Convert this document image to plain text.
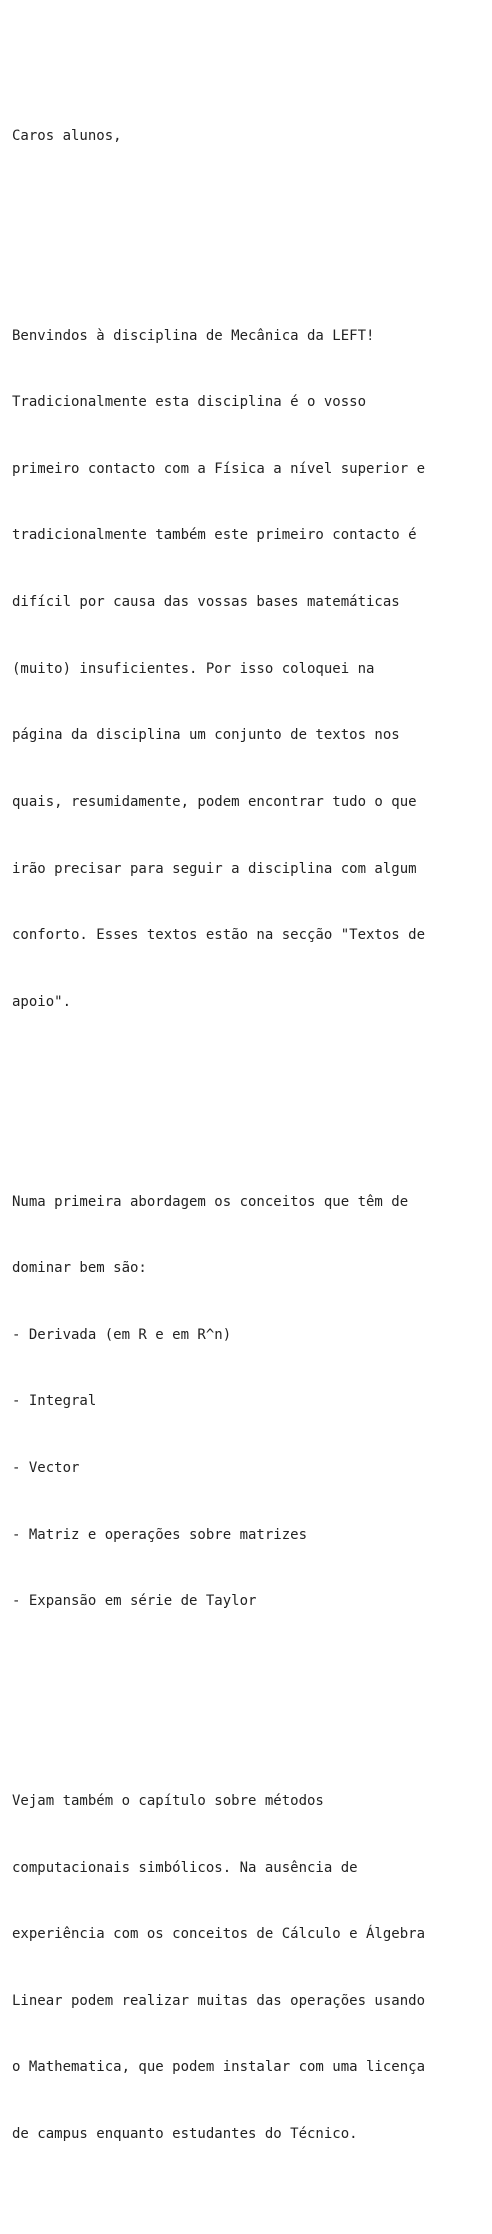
Caros alunos,

Benvindos à disciplina de Mecânica da LEFT!

Tradicionalmente esta disciplina é o vosso

primeiro contacto com a Física a nível superior e

tradicionalmente também este primeiro contacto é

difícil por causa das vossas bases matemáticas

(muito) insuficientes. Por isso coloquei na

página da disciplina um conjunto de textos nos

quais, resumidamente, podem encontrar tudo o que

irão precisar para seguir a disciplina com algum

conforto. Esses textos estão na secção "Textos de

apoio".

Numa primeira abordagem os conceitos que têm de

dominar bem são:

- Derivada (em R e em R^n)

- Integral

- Vector

- Matriz e operações sobre matrizes

- Expansão em série de Taylor

Vejam também o capítulo sobre métodos

computacionais simbólicos. Na ausência de

experiência com os conceitos de Cálculo e Álgebra

Linear podem realizar muitas das operações usando

o Mathematica, que podem instalar com uma licença

de campus enquanto estudantes do Técnico.
